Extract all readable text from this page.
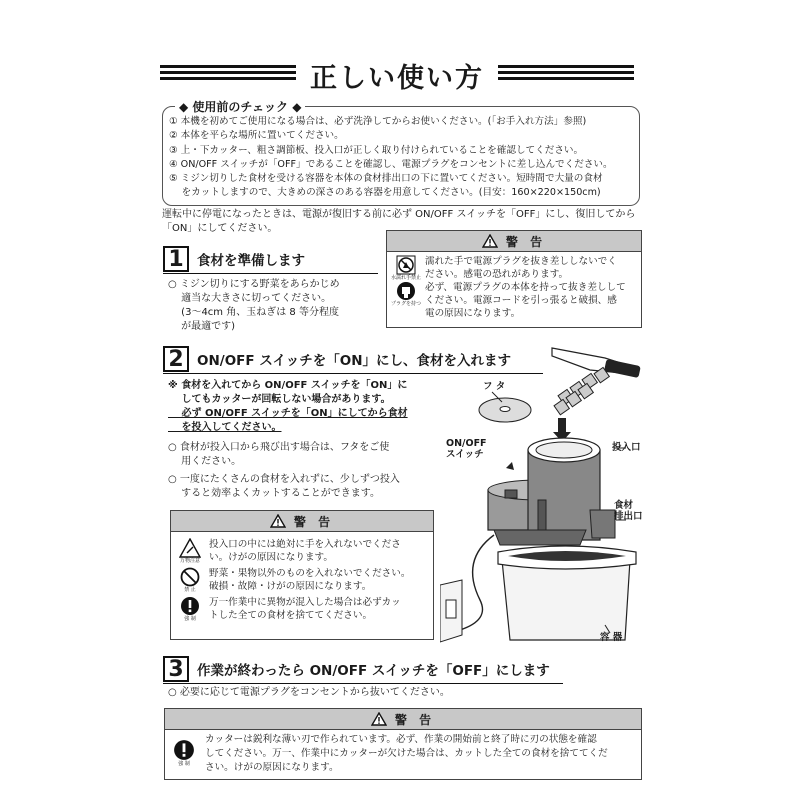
正しい使い方
◆ 使用前のチェック ◆
① 本機を初めてご使用になる場合は、必ず洗浄してからお使いください。(「お手入れ方法」参照)
② 本体を平らな場所に置いてください。
③ 上・下カッター、粗さ調節板、投入口が正しく取り付けられていることを確認してください。
④ ON/OFF スイッチが「OFF」であることを確認し、電源プラグをコンセントに差し込んでください。
⑤ ミジン切りした食材を受ける容器を本体の食材排出口の下に置いてください。短時間で大量の食材
　 をカットしますので、大きめの深さのある容器を用意してください。(目安：160×220×150cm)
運転中に停電になったときは、電源が復旧する前に必ず ON/OFF スイッチを「OFF」にし、復旧してから
「ON」にしてください。
1 食材を準備します
○ ミジン切りにする野菜をあらかじめ
　 適当な大きさに切ってください。
　 (3～4cm 角、玉ねぎは 8 等分程度
　 が最適です)
警 告
水濡れ手禁止
濡れた手で電源プラグを抜き差ししないでく
ださい。感電の恐れがあります。
プラグを持つ
必ず、電源プラグの本体を持って抜き差しして
ください。電源コードを引っ張ると破損、感
電の原因になります。
2 ON/OFF スイッチを「ON」にし、食材を入れます
※ 食材を入れてから ON/OFF スイッチを「ON」に
　 してもカッターが回転しない場合があります。
　 必ず ON/OFF スイッチを「ON」にしてから食材
　 を投入してください。
○ 食材が投入口から飛び出す場合は、フタをご使
　 用ください。
○ 一度にたくさんの食材を入れずに、少しずつ投入
　 すると効率よくカットすることができます。
警 告
万物注意
投入口の中には絶対に手を入れないでくださ
い。けがの原因になります。
禁 止
野菜・果物以外のものを入れないでください。
破損・故障・けがの原因になります。
強 制
万一作業中に異物が混入した場合は必ずカッ
トした全ての食材を捨ててください。
フ タ
ON/OFF
スイッチ
投入口
食材
排出口
容 器
3 作業が終わったら ON/OFF スイッチを「OFF」にします
○ 必要に応じて電源プラグをコンセントから抜いてください。
警 告
強 制
カッターは鋭利な薄い刃で作られています。必ず、作業の開始前と終了時に刃の状態を確認
してください。万一、作業中にカッターが欠けた場合は、カットした全ての食材を捨ててくだ
さい。けがの原因になります。
